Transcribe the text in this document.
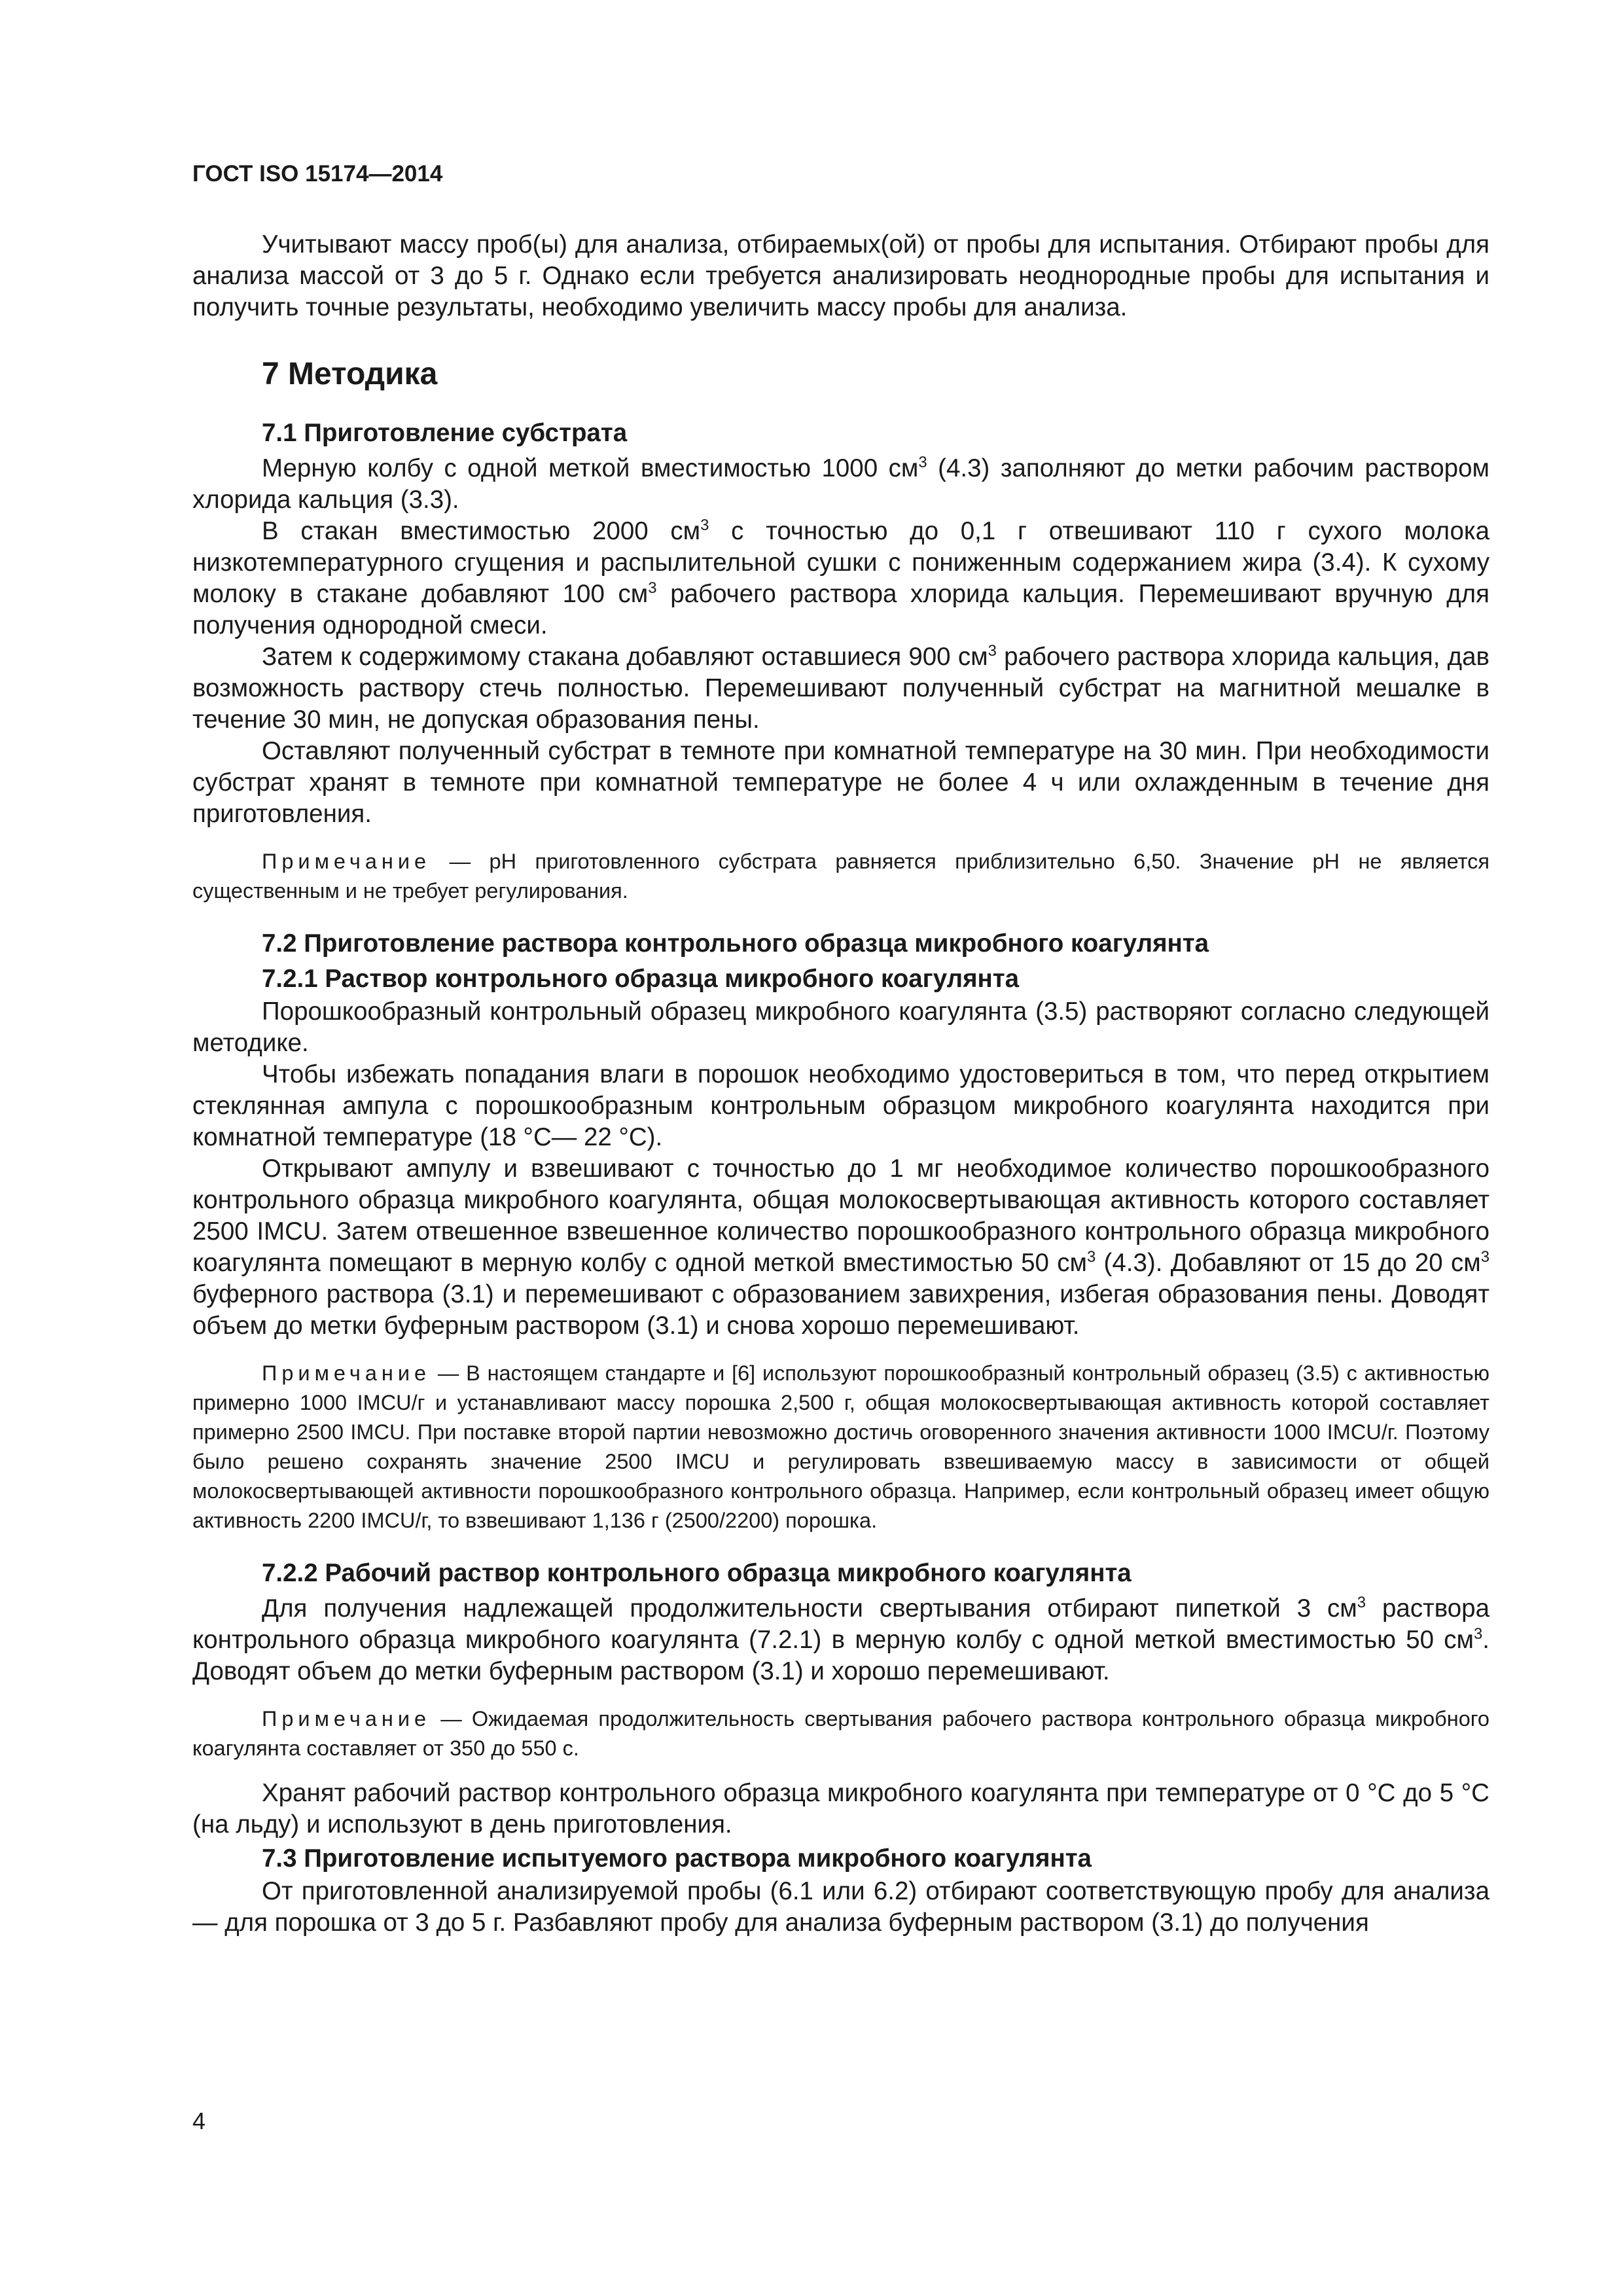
ГОСТ ISO 15174—2014

Учитывают массу проб(ы) для анализа, отбираемых(ой) от пробы для испытания. Отбирают пробы для анализа массой от 3 до 5 г. Однако если требуется анализировать неоднородные пробы для испытания и получить точные результаты, необходимо увеличить массу пробы для анализа.

7 Методика
7.1 Приготовление субстрата

Мерную колбу с одной меткой вместимостью 1000 $см^3$ (4.3) заполняют до метки рабочим раствором хлорида кальция (3.3).

В стакан вместимостью 2000 $см^3$ с точностью до 0,1 г отвешивают 110 г сухого молока низкотемпературного сгущения и распылительной сушки с пониженным содержанием жира (3.4). К сухому молоку в стакане добавляют 100 $см^3$ рабочего раствора хлорида кальция. Перемешивают вручную для получения однородной смеси.

Затем к содержимому стакана добавляют оставшиеся 900 $см^3$ рабочего раствора хлорида кальция, дав возможность раствору стечь полностью. Перемешивают полученный субстрат на магнитной мешалке в течение 30 мин, не допуская образования пены.

Оставляют полученный субстрат в темноте при комнатной температуре на 30 мин. При необходимости субстрат хранят в темноте при комнатной температуре не более 4 ч или охлажденным в течение дня приготовления.

Примечание — рН приготовленного субстрата равняется приблизительно 6,50. Значение рН не является существенным и не требует регулирования.

7.2 Приготовление раствора контрольного образца микробного коагулянта
7.2.1 Раствор контрольного образца микробного коагулянта

Порошкообразный контрольный образец микробного коагулянта (3.5) растворяют согласно следующей методике.

Чтобы избежать попадания влаги в порошок необходимо удостовериться в том, что перед открытием стеклянная ампула с порошкообразным контрольным образцом микробного коагулянта находится при комнатной температуре (18 °C— 22 °C).

Открывают ампулу и взвешивают с точностью до 1 мг необходимое количество порошкообразного контрольного образца микробного коагулянта, общая молокосвертывающая активность которого составляет 2500 IMCU. Затем отвешенное взвешенное количество порошкообразного контрольного образца микробного коагулянта помещают в мерную колбу с одной меткой вместимостью 50 $см^3$ (4.3). Добавляют от 15 до 20 $см^3$ буферного раствора (3.1) и перемешивают с образованием завихрения, избегая образования пены. Доводят объем до метки буферным раствором (3.1) и снова хорошо перемешивают.

Примечание — В настоящем стандарте и [6] используют порошкообразный контрольный образец (3.5) с активностью примерно 1000 IMCU/г и устанавливают массу порошка 2,500 г, общая молокосвертывающая активность которой составляет примерно 2500 IMCU. При поставке второй партии невозможно достичь оговоренного значения активности 1000 IMCU/г. Поэтому было решено сохранять значение 2500 IMCU и регулировать взвешиваемую массу в зависимости от общей молокосвертывающей активности порошкообразного контрольного образца. Например, если контрольный образец имеет общую активность 2200 IMCU/г, то взвешивают 1,136 г (2500/2200) порошка.

7.2.2 Рабочий раствор контрольного образца микробного коагулянта

Для получения надлежащей продолжительности свертывания отбирают пипеткой 3 $см^3$ раствора контрольного образца микробного коагулянта (7.2.1) в мерную колбу с одной меткой вместимостью 50 $см^3$. Доводят объем до метки буферным раствором (3.1) и хорошо перемешивают.

Примечание — Ожидаемая продолжительность свертывания рабочего раствора контрольного образца микробного коагулянта составляет от 350 до 550 с.

Хранят рабочий раствор контрольного образца микробного коагулянта при температуре от 0 °С до 5 °С (на льду) и используют в день приготовления.

7.3 Приготовление испытуемого раствора микробного коагулянта

От приготовленной анализируемой пробы (6.1 или 6.2) отбирают соответствующую пробу для анализа — для порошка от 3 до 5 г. Разбавляют пробу для анализа буферным раствором (3.1) до получения

4
